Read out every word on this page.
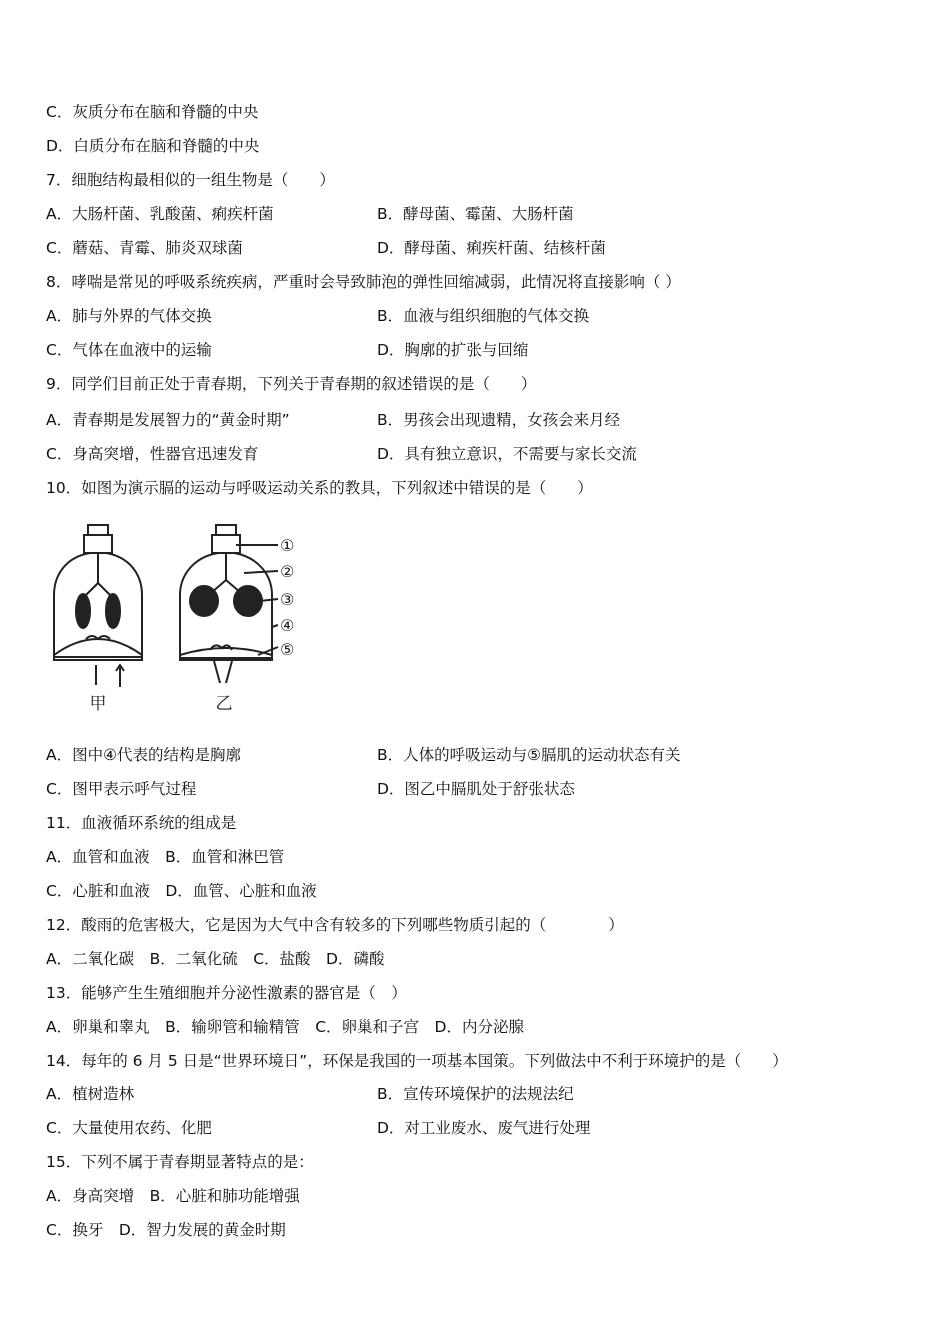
C．灰质分布在脑和脊髓的中央
D．白质分布在脑和脊髓的中央
7．细胞结构最相似的一组生物是（　　）
A．大肠杆菌、乳酸菌、痢疾杆菌	B．酵母菌、霉菌、大肠杆菌
C．蘑菇、青霉、肺炎双球菌	D．酵母菌、痢疾杆菌、结核杆菌
8．哮喘是常见的呼吸系统疾病，严重时会导致肺泡的弹性回缩减弱，此情况将直接影响（ ）
A．肺与外界的气体交换	B．血液与组织细胞的气体交换
C．气体在血液中的运输	D．胸廓的扩张与回缩
9．同学们目前正处于青春期，下列关于青春期的叙述错误的是（　　）
A．青春期是发展智力的“黄金时期”	B．男孩会出现遗精，女孩会来月经
C．身高突增，性器官迅速发育	D．具有独立意识，不需要与家长交流
10．如图为演示膈的运动与呼吸运动关系的教具，下列叙述中错误的是（　　）
甲
①
②
③
④
⑤
乙
A．图中④代表的结构是胸廓	B．人体的呼吸运动与⑤膈肌的运动状态有关
C．图甲表示呼气过程	D．图乙中膈肌处于舒张状态
11．血液循环系统的组成是
A．血管和血液　B．血管和淋巴管
C．心脏和血液　D．血管、心脏和血液
12．酸雨的危害极大，它是因为大气中含有较多的下列哪些物质引起的（　　　　）
A．二氧化碳　B．二氧化硫　C．盐酸　D．磷酸
13．能够产生生殖细胞并分泌性激素的器官是（　）
A．卵巢和睾丸　B．输卵管和输精管　C．卵巢和子宫　D．内分泌腺
14．每年的 6 月 5 日是“世界环境日”，环保是我国的一项基本国策。下列做法中不利于环境护的是（　　）
A．植树造林	B．宣传环境保护的法规法纪
C．大量使用农药、化肥	D．对工业废水、废气进行处理
15．下列不属于青春期显著特点的是：
A．身高突增　B．心脏和肺功能增强
C．换牙　D．智力发展的黄金时期
